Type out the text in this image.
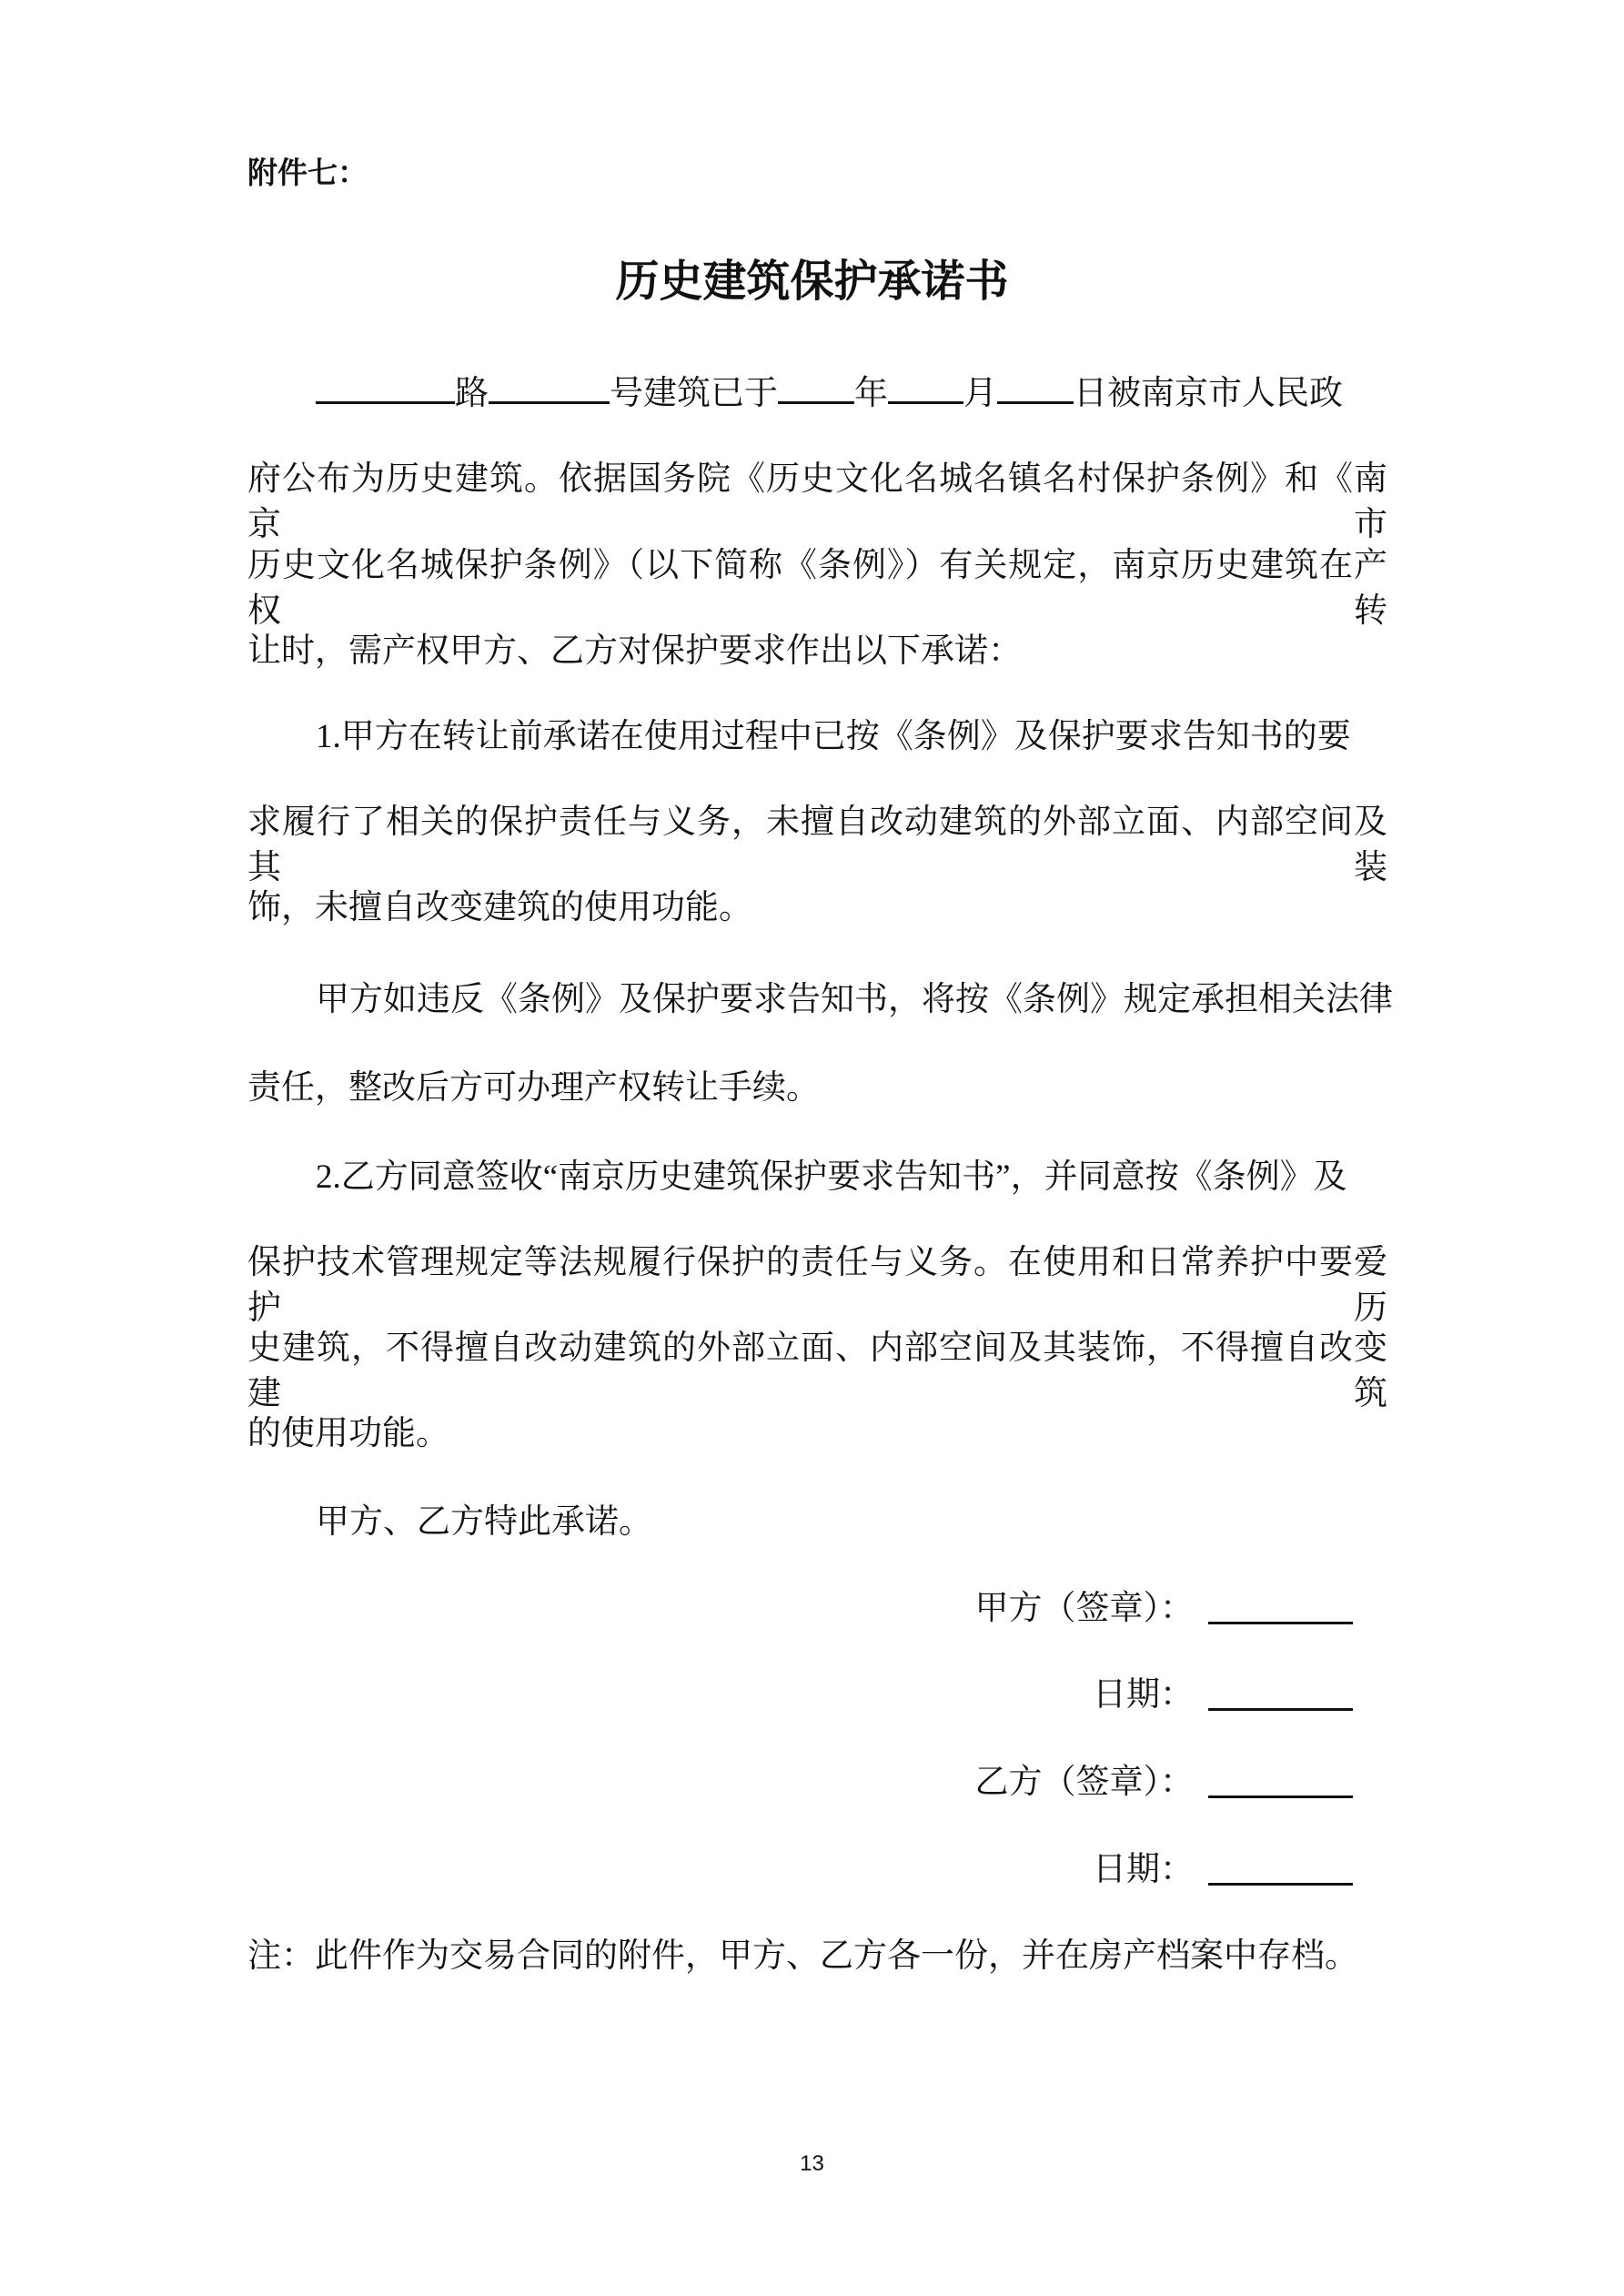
附件七：
历史建筑保护承诺书
路	号建筑已于 年 月 日被南京市人民政
府公布为历史建筑。依据国务院《历史文化名城名镇名村保护条例》和《南京市
历史文化名城保护条例》（以下简称《条例》）有关规定，南京历史建筑在产权转
让时，需产权甲方、乙方对保护要求作出以下承诺：
1.甲方在转让前承诺在使用过程中已按《条例》及保护要求告知书的要
求履行了相关的保护责任与义务，未擅自改动建筑的外部立面、内部空间及其装
饰，未擅自改变建筑的使用功能。
甲方如违反《条例》及保护要求告知书，将按《条例》规定承担相关法律
责任，整改后方可办理产权转让手续。
2.乙方同意签收“南京历史建筑保护要求告知书”，并同意按《条例》及
保护技术管理规定等法规履行保护的责任与义务。在使用和日常养护中要爱护历
史建筑，不得擅自改动建筑的外部立面、内部空间及其装饰，不得擅自改变建筑
的使用功能。
甲方、乙方特此承诺。
甲方（签章）：
日期：
乙方（签章）：
日期：
注：此件作为交易合同的附件，甲方、乙方各一份，并在房产档案中存档。
13
